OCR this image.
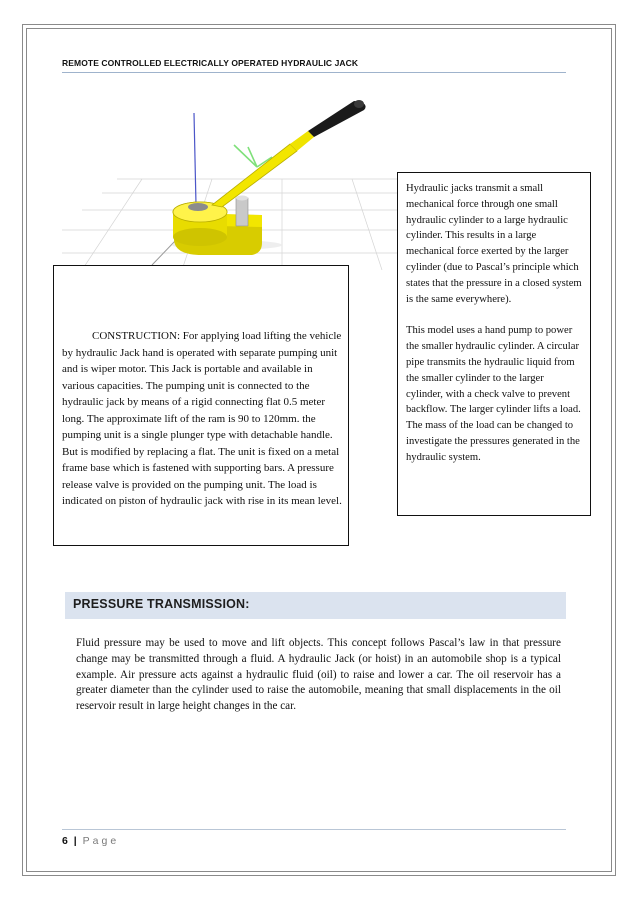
REMOTE CONTROLLED ELECTRICALLY OPERATED HYDRAULIC JACK

Hydraulic jacks transmit a small mechanical force through one small hydraulic cylinder to a large hydraulic cylinder. This results in a large mechanical force exerted by the larger cylinder (due to Pascal’s principle which states that the pressure in a closed system is the same everywhere).

This model uses a hand pump to power the smaller hydraulic cylinder. A circular pipe transmits the hydraulic liquid from the smaller cylinder to the larger cylinder, with a check valve to prevent backflow. The larger cylinder lifts a load. The mass of the load can be changed to investigate the pressures generated in the hydraulic system.

CONSTRUCTION: For applying load lifting the vehicle by hydraulic Jack hand is operated with separate pumping unit and is wiper motor. This Jack is portable and available in various capacities. The pumping unit is connected to the hydraulic jack by means of a rigid connecting flat 0.5 meter long. The approximate lift of the ram is 90 to 120mm. the pumping unit is a single plunger type with detachable handle. But is modified by replacing a flat. The unit is fixed on a metal frame base which is fastened with supporting bars. A pressure release valve is provided on the pumping unit. The load is indicated on piston of hydraulic jack with rise in its mean level.

PRESSURE TRANSMISSION:
Fluid pressure may be used to move and lift objects. This concept follows Pascal’s law in that pressure change may be transmitted through a fluid. A hydraulic Jack (or hoist) in an automobile shop is a typical example. Air pressure acts against a hydraulic fluid (oil) to raise and lower a car. The oil reservoir has a greater diameter than the cylinder used to raise the automobile, meaning that small displacements in the oil reservoir result in large height changes in the car.
6 | Page
